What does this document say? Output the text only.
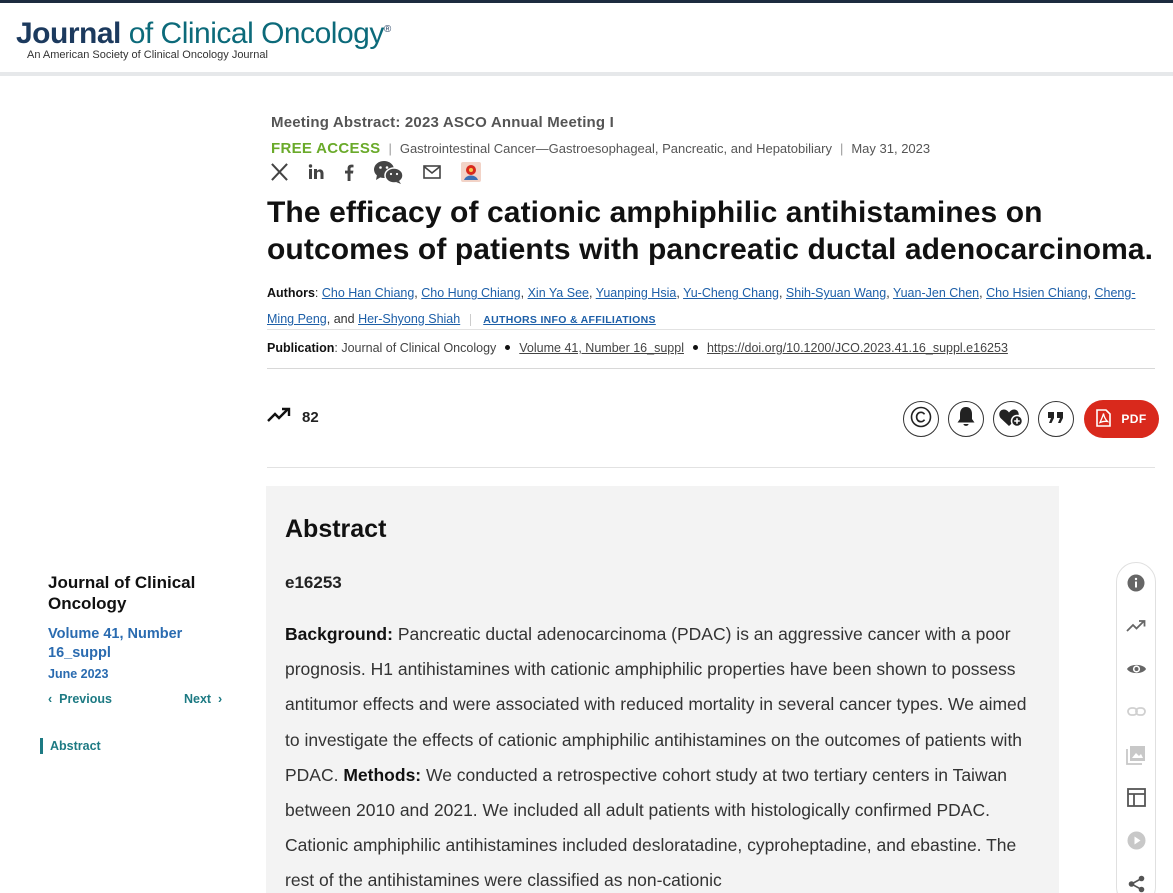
Journal of Clinical Oncology®
An American Society of Clinical Oncology Journal
Meeting Abstract: 2023 ASCO Annual Meeting I
FREE ACCESS | Gastrointestinal Cancer—Gastroesophageal, Pancreatic, and Hepatobiliary | May 31, 2023
The efficacy of cationic amphiphilic antihistamines on outcomes of patients with pancreatic ductal adenocarcinoma.
Authors: Cho Han Chiang, Cho Hung Chiang, Xin Ya See, Yuanping Hsia, Yu-Cheng Chang, Shih-Syuan Wang, Yuan-Jen Chen, Cho Hsien Chiang, Cheng-Ming Peng, and Her-Shyong Shiah AUTHORS INFO & AFFILIATIONS
Publication: Journal of Clinical Oncology Volume 41, Number 16_suppl https://doi.org/10.1200/JCO.2023.41.16_suppl.e16253
82	PDF
Abstract
e16253
Background: Pancreatic ductal adenocarcinoma (PDAC) is an aggressive cancer with a poor prognosis. H1 antihistamines with cationic amphiphilic properties have been shown to possess antitumor effects and were associated with reduced mortality in several cancer types. We aimed to investigate the effects of cationic amphiphilic antihistamines on the outcomes of patients with PDAC. Methods: We conducted a retrospective cohort study at two tertiary centers in Taiwan between 2010 and 2021. We included all adult patients with histologically confirmed PDAC. Cationic amphiphilic antihistamines included desloratadine, cyproheptadine, and ebastine. The rest of the antihistamines were classified as non-cationic
Journal of Clinical Oncology
Volume 41, Number 16_suppl
June 2023
‹ Previous	Next ›
Abstract
